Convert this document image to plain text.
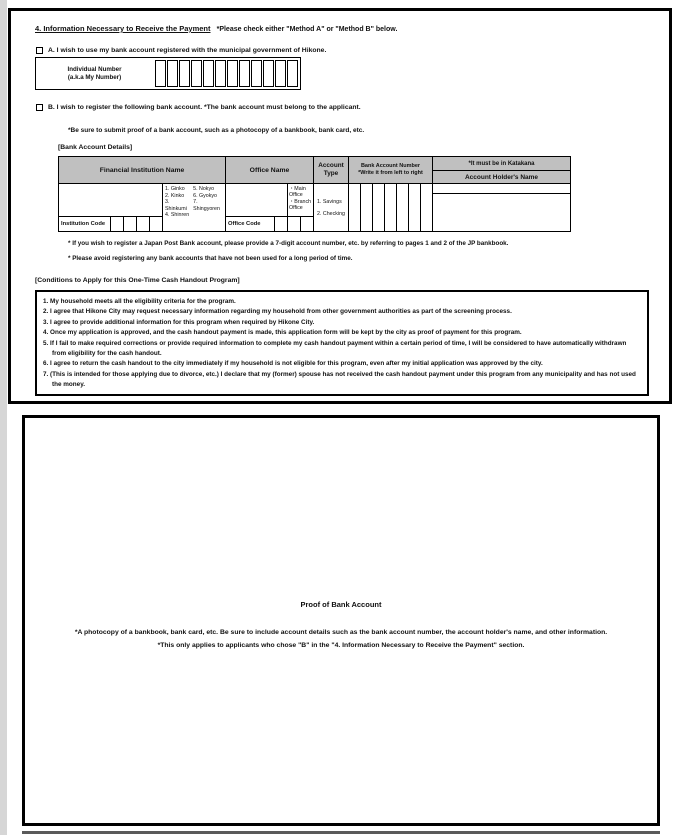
4. Information Necessary to Receive the Payment *Please check either "Method A" or "Method B" below.
A. I wish to use my bank account registered with the municipal government of Hikone.
Individual Number
(a.k.a My Number)
B. I wish to register the following bank account. *The bank account must belong to the applicant.
*Be sure to submit proof of a bank account, such as a photocopy of a bankbook, bank card, etc.
[Bank Account Details]
Financial Institution Name	Office Name
Account
Type
Bank Account Number
*Write it from left to right
*It must be in Katakana
Account Holder's Name
1. Ginko
2. Kinko
3. Shinkumi
4. Shinren
5. Nokyo
6. Gyokyo
7. Shingyoren
・Main Office
・Branch Office
1. Savings
2. Checking
Institution Code	Office Code
* If you wish to register a Japan Post Bank account, please provide a 7-digit account number, etc. by referring to pages 1 and 2 of the JP bankbook.
* Please avoid registering any bank accounts that have not been used for a long period of time.
[Conditions to Apply for this One-Time Cash Handout Program]
1. My household meets all the eligibility criteria for the program.
2. I agree that Hikone City may request necessary information regarding my household from other government authorities as part of the screening process.
3. I agree to provide additional information for this program when required by Hikone City.
4. Once my application is approved, and the cash handout payment is made, this application form will be kept by the city as proof of payment for this program.
5. If I fail to make required corrections or provide required information to complete my cash handout payment within a certain period of time, I will be considered to have automatically withdrawn from eligibility for the cash handout.
6. I agree to return the cash handout to the city immediately if my household is not eligible for this program, even after my initial application was approved by the city.
7. (This is intended for those applying due to divorce, etc.) I declare that my (former) spouse has not received the cash handout payment under this program from any municipality and has not used the money.
Proof of Bank Account
*A photocopy of a bankbook, bank card, etc. Be sure to include account details such as the bank account number, the account holder's name, and other information.
*This only applies to applicants who chose "B" in the "4. Information Necessary to Receive the Payment" section.
